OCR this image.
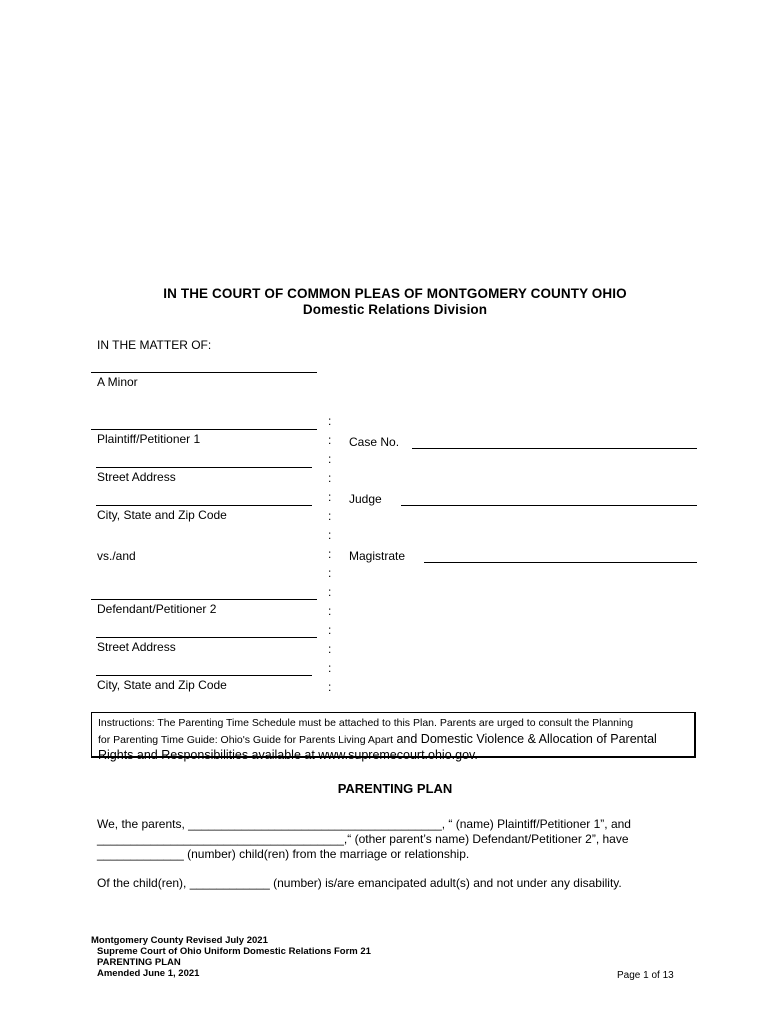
IN THE COURT OF COMMON PLEAS OF MONTGOMERY COUNTY OHIO
Domestic Relations Division
IN THE MATTER OF:
A Minor
Plaintiff/Petitioner 1
Street Address
City, State and Zip Code
vs./and
Defendant/Petitioner 2
Street Address
City, State and Zip Code
:
:
:
:
:
:
:
:
:
:
:
:
:
:
:
Case No.
Judge
Magistrate
Instructions: The Parenting Time Schedule must be attached to this Plan. Parents are urged to consult the Planning
for Parenting Time Guide: Ohio's Guide for Parents Living Apart and Domestic Violence & Allocation of Parental
Rights and Responsibilities available at www.supremecourt.ohio.gov.
PARENTING PLAN
We, the parents, ______________________________________, “ (name) Plaintiff/Petitioner 1”, and
_____________________________________,“ (other parent’s name) Defendant/Petitioner 2”, have
_____________ (number) child(ren) from the marriage or relationship.
Of the child(ren), ____________ (number) is/are emancipated adult(s) and not under any disability.
Montgomery County Revised July 2021
Supreme Court of Ohio Uniform Domestic Relations Form 21
PARENTING PLAN
Amended June 1, 2021	Page 1 of 13
